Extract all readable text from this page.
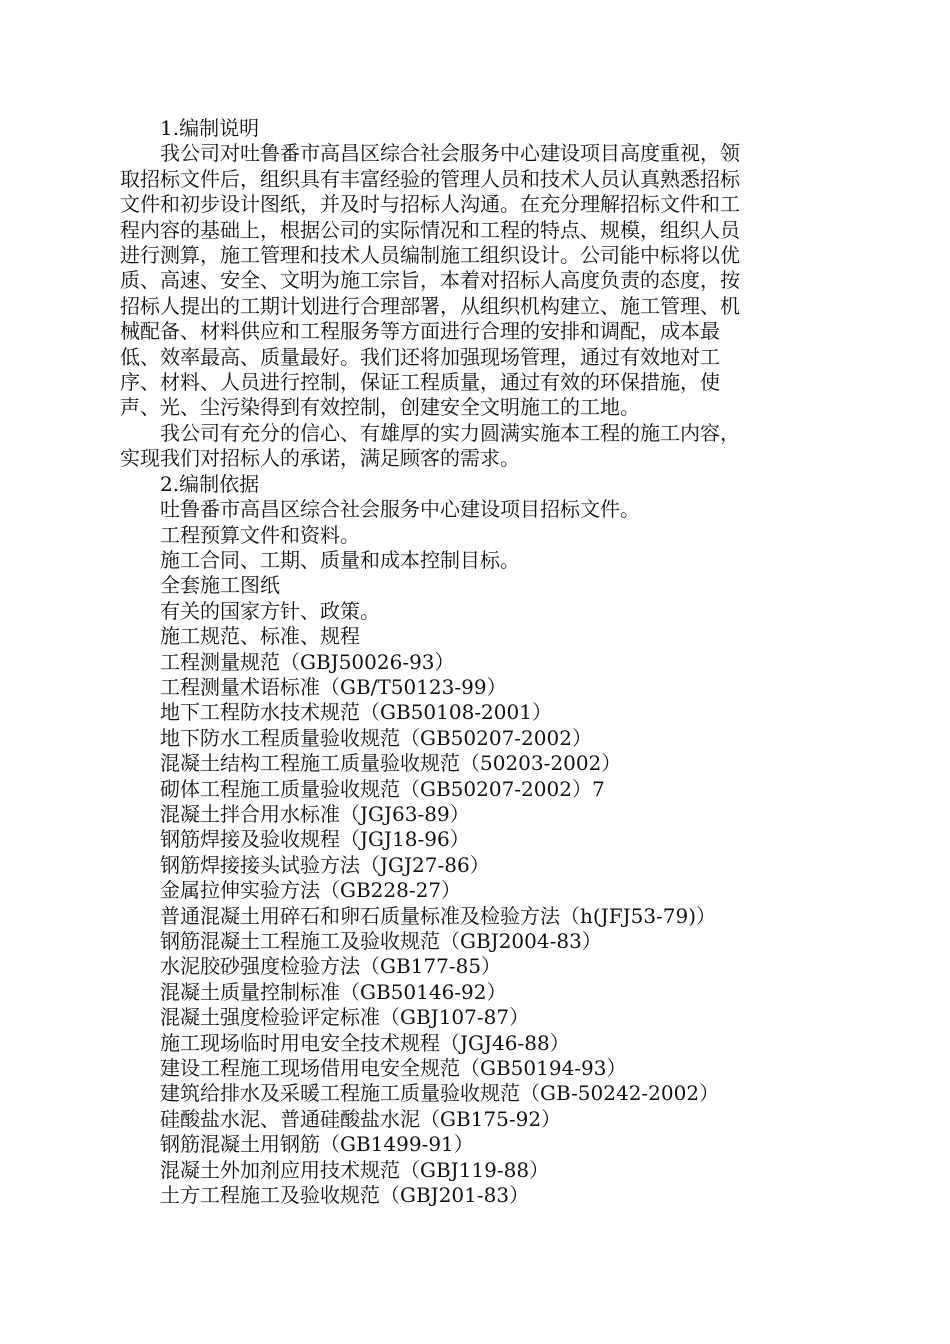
1.编制说明
我公司对吐鲁番市高昌区综合社会服务中心建设项目高度重视，领
取招标文件后，组织具有丰富经验的管理人员和技术人员认真熟悉招标
文件和初步设计图纸，并及时与招标人沟通。在充分理解招标文件和工
程内容的基础上，根据公司的实际情况和工程的特点、规模，组织人员
进行测算，施工管理和技术人员编制施工组织设计。公司能中标将以优
质、高速、安全、文明为施工宗旨，本着对招标人高度负责的态度，按
招标人提出的工期计划进行合理部署，从组织机构建立、施工管理、机
械配备、材料供应和工程服务等方面进行合理的安排和调配，成本最
低、效率最高、质量最好。我们还将加强现场管理，通过有效地对工
序、材料、人员进行控制，保证工程质量，通过有效的环保措施，使
声、光、尘污染得到有效控制，创建安全文明施工的工地。
我公司有充分的信心、有雄厚的实力圆满实施本工程的施工内容，
实现我们对招标人的承诺，满足顾客的需求。
2.编制依据
吐鲁番市高昌区综合社会服务中心建设项目招标文件。
工程预算文件和资料。
施工合同、工期、质量和成本控制目标。
全套施工图纸
有关的国家方针、政策。
施工规范、标准、规程
工程测量规范（GBJ50026-93）
工程测量术语标准（GB/T50123-99）
地下工程防水技术规范（GB50108-2001）
地下防水工程质量验收规范（GB50207-2002）
混凝土结构工程施工质量验收规范（50203-2002）
砌体工程施工质量验收规范（GB50207-2002）7
混凝土拌合用水标准（JGJ63-89）
钢筋焊接及验收规程（JGJ18-96）
钢筋焊接接头试验方法（JGJ27-86）
金属拉伸实验方法（GB228-27）
普通混凝土用碎石和卵石质量标准及检验方法（h(JFJ53-79)）
钢筋混凝土工程施工及验收规范（GBJ2004-83）
水泥胶砂强度检验方法（GB177-85）
混凝土质量控制标准（GB50146-92）
混凝土强度检验评定标准（GBJ107-87）
施工现场临时用电安全技术规程（JGJ46-88）
建设工程施工现场借用电安全规范（GB50194-93）
建筑给排水及采暖工程施工质量验收规范（GB-50242-2002）
硅酸盐水泥、普通硅酸盐水泥（GB175-92）
钢筋混凝土用钢筋（GB1499-91）
混凝土外加剂应用技术规范（GBJ119-88）
土方工程施工及验收规范（GBJ201-83）
